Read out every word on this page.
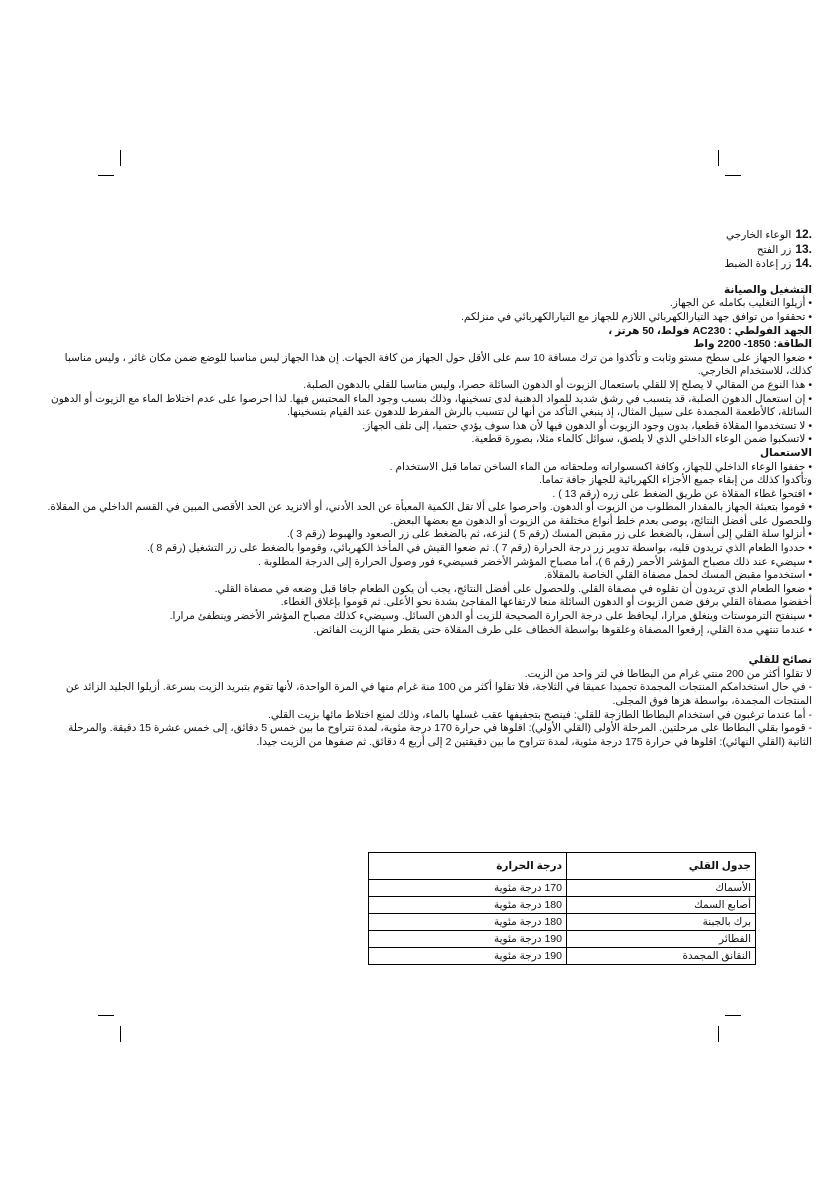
12.الوعاء الخارجي
13.زر الفتح
14.زر إعادة الضبط
التشغيل والصيانة

• أزيلوا التغليب بكامله عن الجهاز.

• تحققوا من توافق جهد التيارالكهربائي اللازم للجهاز مع التيارالكهربائي في منزلكم.

الجهد الفولطي : AC230 فولط، 50 هرتز ،

الطاقة: 1850- 2200 واط

• ضعوا الجهاز على سطح مستو وثابت و تأكدوا من ترك مسافة 10 سم على الأقل حول الجهاز من كافة الجهات. إن هذا الجهاز ليس مناسبا للوضع ضمن مكان غائر ، وليس مناسبا كذلك، للاستخدام الخارجي.

• هذا النوع من المقالي لا يصلح إلا للقلي باستعمال الزيوت أو الدهون السائلة حصرا، وليس مناسبا للقلي بالدهون الصلبة.

• إن استعمال الدهون الصلبة، قد يتسبب في رشق شديد للمواد الدهنية لدى تسخينها، وذلك بسبب وجود الماء المحتبس فيها. لذا احرصوا على عدم اختلاط الماء مع الزيوت أو الدهون السائلة، كالأطعمة المجمدة على سبيل المثال، إذ ينبغي التأكد من أنها لن تتسبب بالرش المفرط للدهون عند القيام بتسخينها.

• لا تستخدموا المقلاة قطعيا، بدون وجود الزيوت أو الدهون فيها لأن هذا سوف يؤدي حتميا، إلى تلف الجهاز.

• لاتسكبوا ضمن الوعاء الداخلي الذي لا يلصق، سوائل كالماء مثلا، بصورة قطعية.

الاستعمال

• جففوا الوعاء الداخلي للجهاز، وكافة اكسسواراته وملحقاته من الماء الساخن تماما قبل الاستخدام .

وتأكدوا كذلك من إبقاء جميع الأجزاء الكهربائية للجهاز جافة تماما.

• افتحوا غطاء المقلاة عن طريق الضغط على زره (رقم 13 ) .

• قوموا بتعبئة الجهاز بالمقدار المطلوب من الزيوت أو الدهون. واحرصوا على ألا تقل الكمية المعبأة عن الحد الأدني، أو ألاتزيد عن الحد الأقصى المبين في القسم الداخلي من المقلاة. وللحصول على أفضل النتائج، يوصى بعدم خلط أنواع مختلفة من الزيوت أو الدهون مع بعضها البعض.

• أنزلوا سلة القلي إلى أسفل، بالضغط على زر مقبض المسك (رقم 5 ) لنزعه، ثم بالضغط على زر الصعود والهبوط (رقم 3 ).

• حددوا الطعام الذي تريدون قليه، بواسطة تدوير زر درجة الحرارة (رقم 7 ). ثم ضعوا القيش في المأخذ الكهربائي، وقوموا بالضغط على زر التشغيل (رقم 8 ).

• سيضيء عند ذلك مصباح المؤشر الأحمر (رقم 6 )، أما مصباح المؤشر الأخضر فسيضيء فور وصول الحرارة إلى الدرجة المطلوبة .

• استخدموا مقبض المسك لحمل مصفاة القلي الخاصة بالمقلاة.

• ضعوا الطعام الذي تريدون أن تقلوه في مصفاة القلي. وللحصول على أفضل النتائج، يجب أن يكون الطعام جافا قبل وضعه في مصفاة القلي.

أخفضوا مصفاة القلي برفق ضمن الزيوت أو الدهون السائلة منعا لارتفاعها المفاجئ بشدة نحو الأعلى. ثم قوموا بإغلاق الغطاء.

• سينفتح الترموستات وينغلق مرارا، ليحافظ على درجة الحرارة الصحيحة للزيت أو الدهن السائل. وسيضيء كذلك مصباح المؤشر الأخضر وينطفئ مرارا.

• عندما تنتهي مدة القلي، إرفعوا المصفاة وعلقوها بواسطة الخطاف على طرف المقلاة حتى يقطر منها الزيت الفائض.

نصائح للقلي

لا تقلوا أكثر من 200 منتي غرام من البطاطا في لتر واحد من الزيت.

- في حال استخدامكم المنتجات المجمدة تجميدا عميقا في الثلاجة، فلا تقلوا أكثر من 100 منة غرام منها في المرة الواحدة، لأنها تقوم بتبريد الزيت بسرعة. أزيلوا الجليد الزائد عن المنتجات المجمدة، بواسطة هزها فوق المجلى.

- أما عندما ترغبون في استخدام البطاطا الطازجة للقلي: فينصح بتجفيفها عقب غسلها بالماء، وذلك لمنع اختلاط مائها بزيت القلي.

- قوموا بقلي البطاطا على مرحلتين. المرحلة الأولى (القلي الأولي): اقلوها في حرارة 170 درجة مئوية، لمدة تتراوح ما بين خمس 5 دقائق، إلى خمس عشرة 15 دقيقة. والمرحلة الثانية (القلي النهائي): اقلوها في حرارة 175 درجة مئوية، لمدة تتراوح ما بين دقيقتين 2 إلى أربع 4 دقائق. ثم صفوها من الزيت جيدا.

جدول القلي	درجة الحرارة
الأسماك	170 درجة مئوية
أصابع السمك	180 درجة مئوية
برك بالجبنة	180 درجة مئوية
الفطائر	190 درجة مئوية
النقانق المجمدة	190 درجة مئوية
